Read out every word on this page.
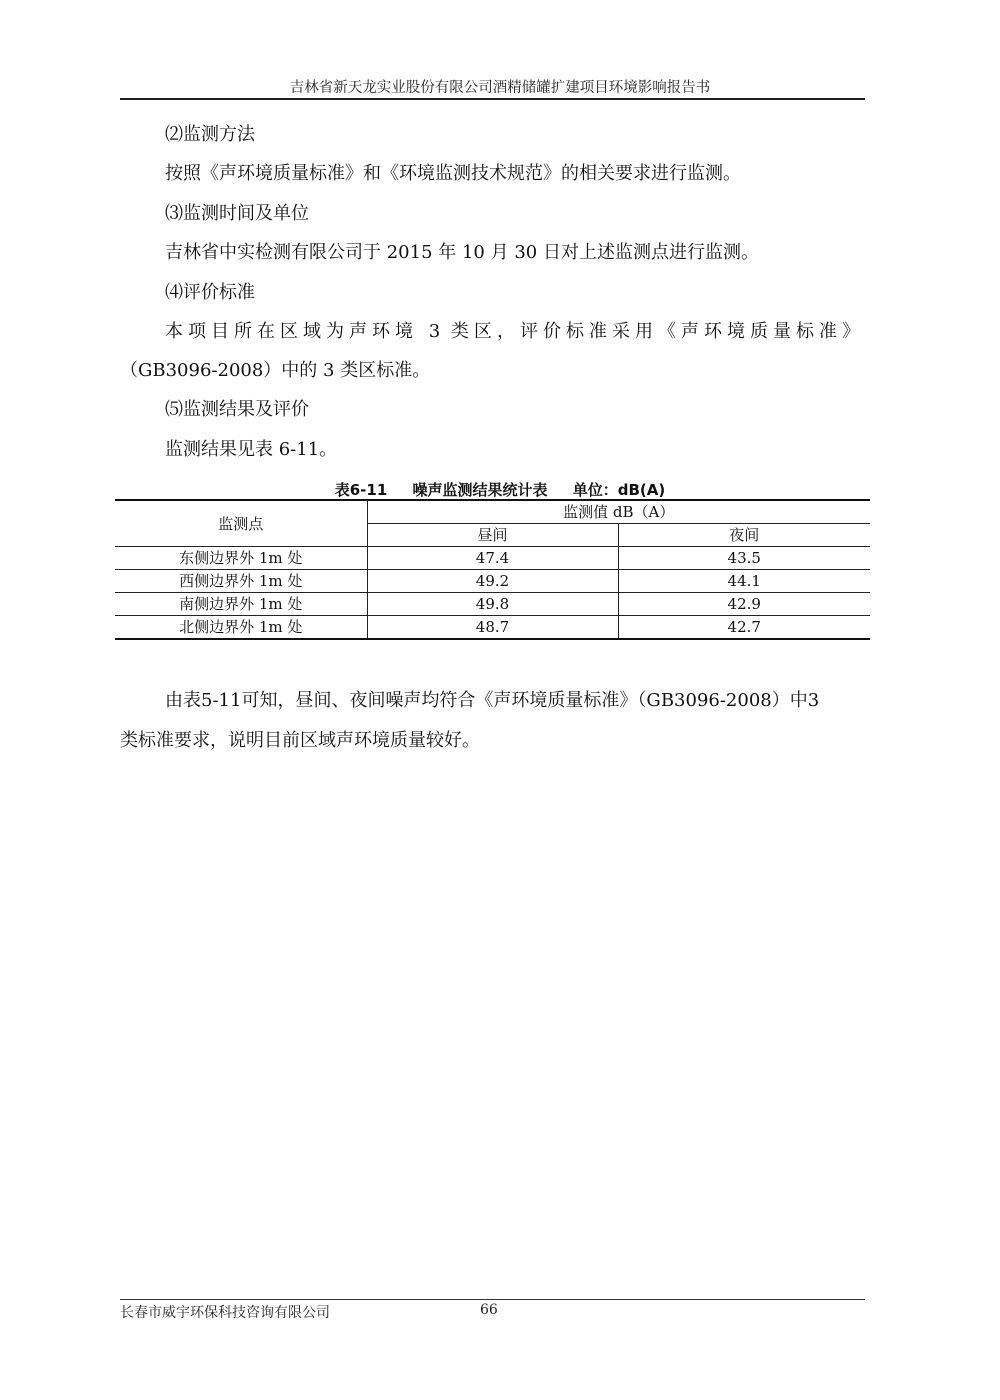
吉林省新天龙实业股份有限公司酒精储罐扩建项目环境影响报告书
⑵监测方法
按照《声环境质量标准》和《环境监测技术规范》的相关要求进行监测。
⑶监测时间及单位
吉林省中实检测有限公司于 2015 年 10 月 30 日对上述监测点进行监测。
⑷评价标准
本项目所在区域为声环境 3 类区，评价标准采用《声环境质量标准》
（GB3096-2008）中的 3 类区标准。
⑸监测结果及评价
监测结果见表 6-11。
表6-11 噪声监测结果统计表 单位：dB(A)
监测点	监测值 dB（A）	
	昼间	夜间
东侧边界外 1m 处	47.4	43.5
西侧边界外 1m 处	49.2	44.1
南侧边界外 1m 处	49.8	42.9
北侧边界外 1m 处	48.7	42.7
由表5-11可知，昼间、夜间噪声均符合《声环境质量标准》（GB3096-2008）中3
类标准要求，说明目前区域声环境质量较好。
长春市威宇环保科技咨询有限公司	66
